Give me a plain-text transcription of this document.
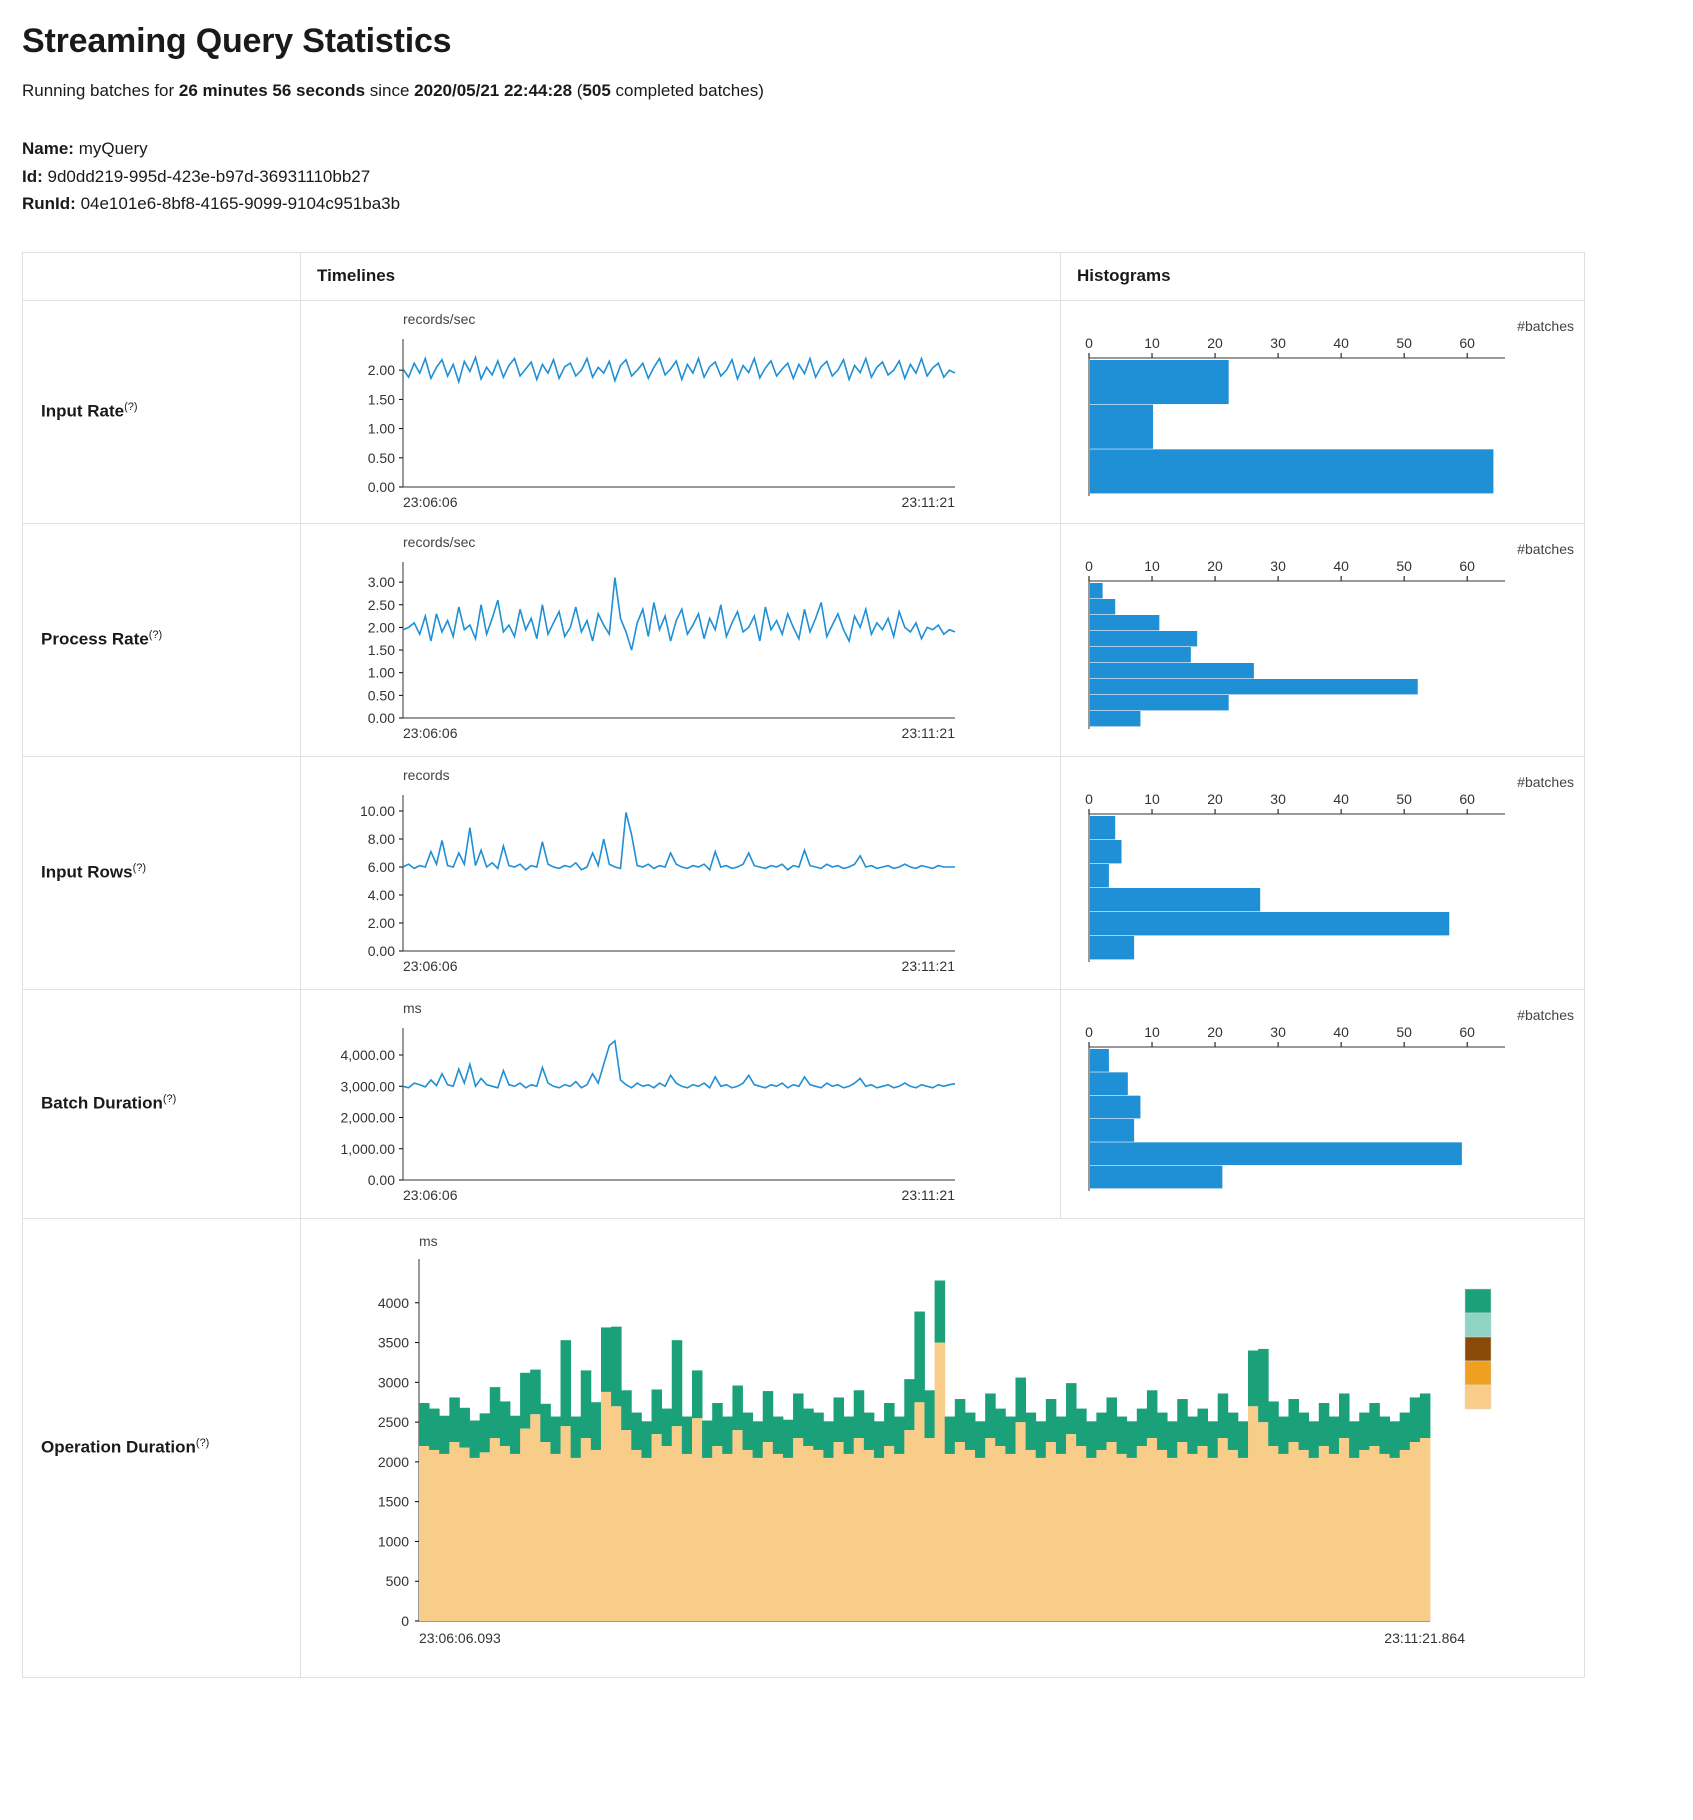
Streaming Query Statistics
Running batches for 26 minutes 56 seconds since 2020/05/21 22:44:28 (505 completed batches)
Name: myQuery
Id: 9d0dd219-995d-423e-b97d-36931110bb27
RunId: 04e101e6-8bf8-4165-9099-9104c951ba3b
	Timelines	Histograms
Input Rate(?)	
records/sec
0.00
0.50
1.00
1.50
2.00
23:06:06	23:11:21

#batches
0	10	20	30	40	50	60

Process Rate(?)	
records/sec
0.00
0.50
1.00
1.50
2.00
2.50
3.00
23:06:06	23:11:21

#batches
0	10	20	30	40	50	60

Input Rows(?)	
records
0.00
2.00
4.00
6.00
8.00
10.00
23:06:06	23:11:21

#batches
0	10	20	30	40	50	60

Batch Duration(?)	
ms
0.00
1,000.00
2,000.00
3,000.00
4,000.00
23:06:06	23:11:21

#batches
0	10	20	30	40	50	60

Operation Duration(?)	
ms
0
500
1000
1500
2000
2500
3000
3500
4000
23:06:06.093	23:11:21.864
